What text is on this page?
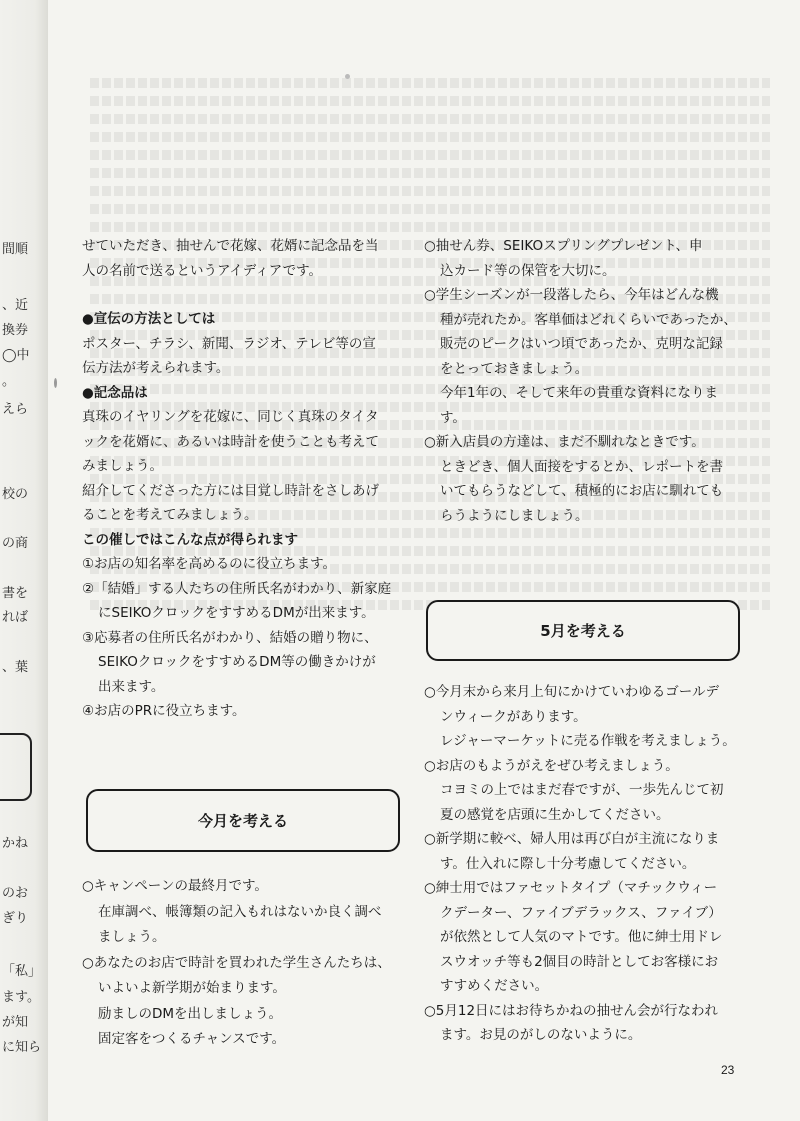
間順
、近
換券
◯中
。
えら
校の
の商
書を
れば
、葉
かね
のお
ぎり
「私」
ます。
が知
に知ら

せていただき、抽せんで花嫁、花婿に記念品を当

人の名前で送るというアイディアです。

●宣伝の方法としては

ポスター、チラシ、新聞、ラジオ、テレビ等の宣

伝方法が考えられます。

●記念品は

真珠のイヤリングを花嫁に、同じく真珠のタイタ

ックを花婿に、あるいは時計を使うことも考えて

みましょう。

紹介してくださった方には目覚し時計をさしあげ

ることを考えてみましょう。

この催しではこんな点が得られます

①お店の知名率を高めるのに役立ちます。

②「結婚」する人たちの住所氏名がわかり、新家庭

にSEIKOクロックをすすめるDMが出来ます。

③応募者の住所氏名がわかり、結婚の贈り物に、

SEIKOクロックをすすめるDM等の働きかけが

出来ます。

④お店のPRに役立ちます。

今月を考える

○キャンペーンの最終月です。

在庫調べ、帳簿類の記入もれはないか良く調べ

ましょう。

○あなたのお店で時計を買われた学生さんたちは、

いよいよ新学期が始まります。

励ましのDMを出しましょう。

固定客をつくるチャンスです。

○抽せん券、SEIKOスプリングプレゼント、申

込カード等の保管を大切に。

○学生シーズンが一段落したら、今年はどんな機

種が売れたか。客単価はどれくらいであったか、

販売のピークはいつ頃であったか、克明な記録

をとっておきましょう。

今年1年の、そして来年の貴重な資料になりま

す。

○新入店員の方達は、まだ不馴れなときです。

ときどき、個人面接をするとか、レポートを書

いてもらうなどして、積極的にお店に馴れても

らうようにしましょう。

5月を考える

○今月末から来月上旬にかけていわゆるゴールデ

ンウィークがあります。

レジャーマーケットに売る作戦を考えましょう。

○お店のもようがえをぜひ考えましょう。

コヨミの上ではまだ春ですが、一歩先んじて初

夏の感覚を店頭に生かしてください。

○新学期に較べ、婦人用は再び白が主流になりま

す。仕入れに際し十分考慮してください。

○紳士用ではファセットタイプ（マチックウィー

クデーター、ファイブデラックス、ファイブ）

が依然として人気のマトです。他に紳士用ドレ

スウオッチ等も2個目の時計としてお客様にお

すすめください。

○5月12日にはお待ちかねの抽せん会が行なわれ

ます。お見のがしのないように。

23
